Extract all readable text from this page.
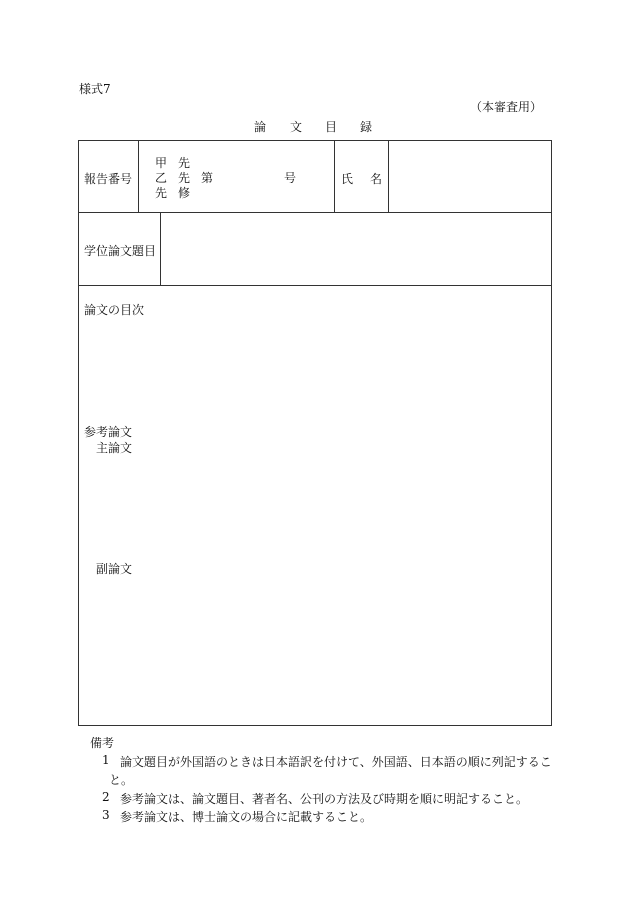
様式7
（本審査用）
論 文 目 録
報告番号
甲 先
乙 先 第	号
先 修
氏 名
学位論文題目
論文の目次
参考論文
主論文
副論文
備考
1 論文題目が外国語のときは日本語訳を付けて、外国語、日本語の順に列記するこ
と。
2 参考論文は、論文題目、著者名、公刊の方法及び時期を順に明記すること。
3 参考論文は、博士論文の場合に記載すること。
